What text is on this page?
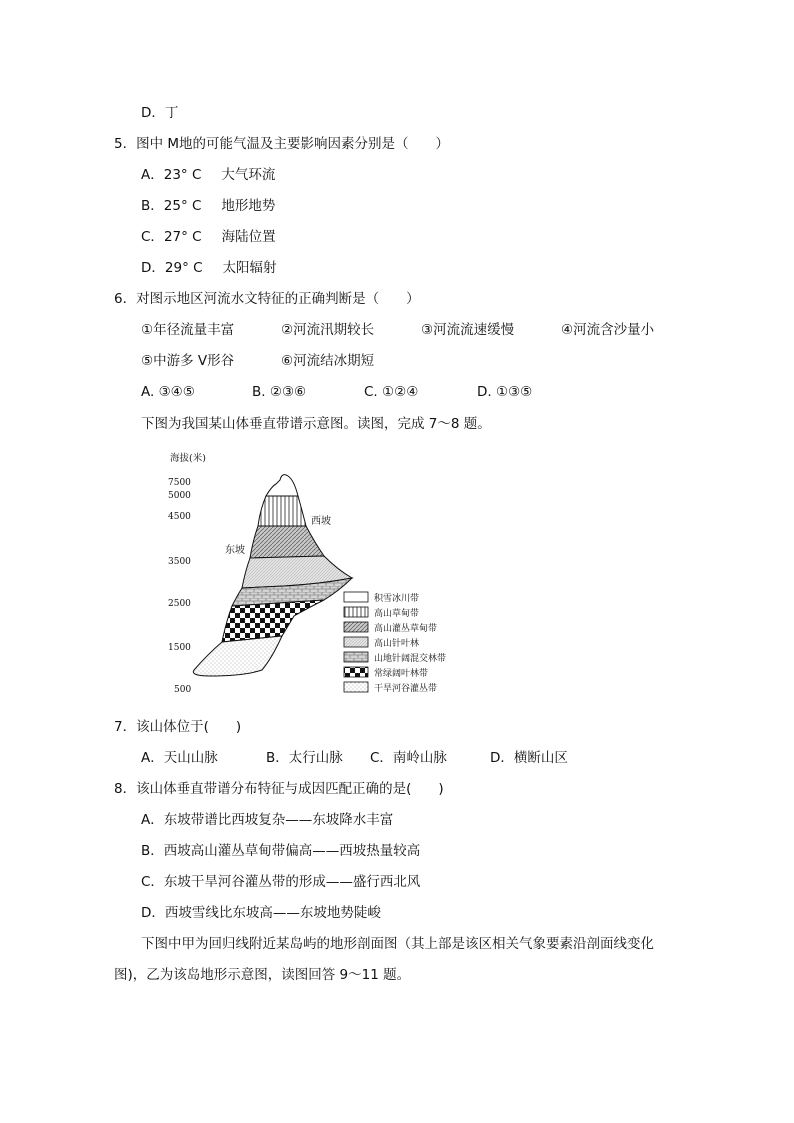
D．丁
5．图中 M地的可能气温及主要影响因素分别是（　　）
A．23° C 大气环流
B．25° C 地形地势
C．27° C 海陆位置
D．29° C 太阳辐射
6．对图示地区河流水文特征的正确判断是（　　）
①年径流量丰富	②河流汛期较长	③河流流速缓慢	④河流含沙量小
⑤中游多 V形谷	⑥河流结冰期短
A. ③④⑤	B. ②③⑥	C. ①②④	D. ①③⑤
下图为我国某山体垂直带谱示意图。读图，完成 7～8 题。
海拔(米)
7500
5000
4500
3500
2500
1500
500
西坡
东坡
积雪冰川带
高山草甸带
高山灌丛草甸带
高山针叶林
山地针阔混交林带
常绿阔叶林带
干旱河谷灌丛带
7．该山体位于(　　)
A．天山山脉	B．太行山脉 C．南岭山脉	D．横断山区
8．该山体垂直带谱分布特征与成因匹配正确的是(　　)
A．东坡带谱比西坡复杂——东坡降水丰富
B．西坡高山灌丛草甸带偏高——西坡热量较高
C．东坡干旱河谷灌丛带的形成——盛行西北风
D．西坡雪线比东坡高——东坡地势陡峻
下图中甲为回归线附近某岛屿的地形剖面图（其上部是该区相关气象要素沿剖面线变化
图)，乙为该岛地形示意图，读图回答 9～11 题。
